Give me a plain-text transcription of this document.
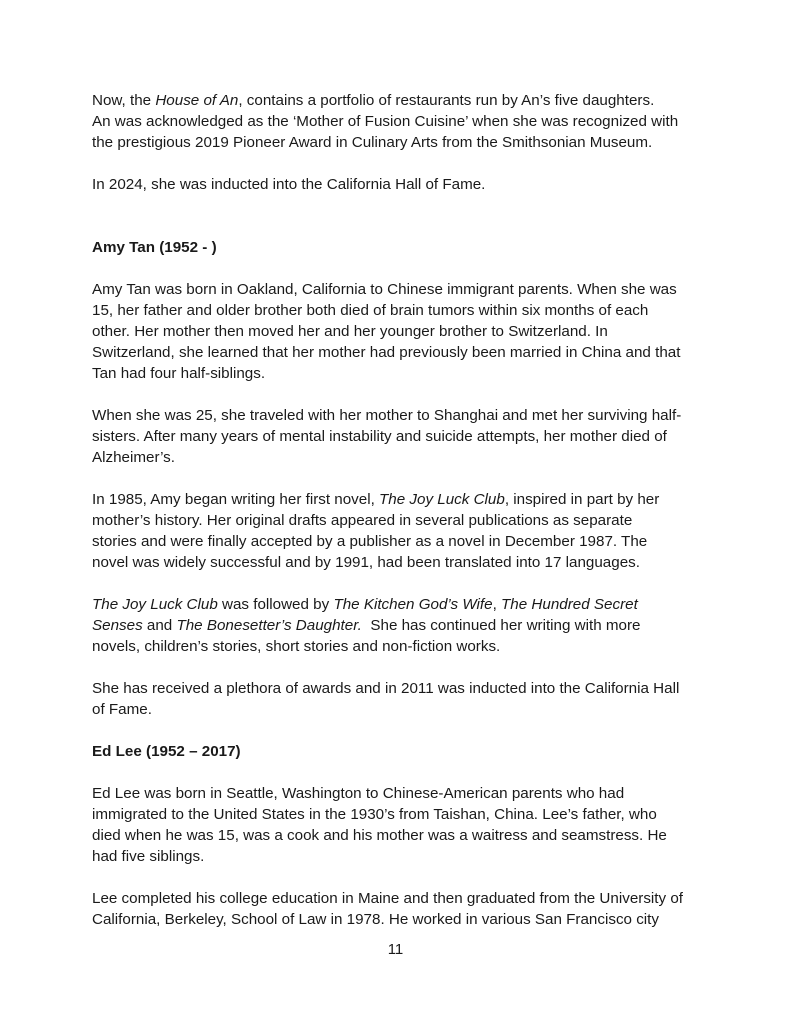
Now, the House of An, contains a portfolio of restaurants run by An’s five daughters.
An was acknowledged as the ‘Mother of Fusion Cuisine’ when she was recognized with
the prestigious 2019 Pioneer Award in Culinary Arts from the Smithsonian Museum.

In 2024, she was inducted into the California Hall of Fame.

Amy Tan (1952 - )

Amy Tan was born in Oakland, California to Chinese immigrant parents. When she was
15, her father and older brother both died of brain tumors within six months of each
other. Her mother then moved her and her younger brother to Switzerland. In
Switzerland, she learned that her mother had previously been married in China and that
Tan had four half-siblings.

When she was 25, she traveled with her mother to Shanghai and met her surviving half-
sisters. After many years of mental instability and suicide attempts, her mother died of
Alzheimer’s.

In 1985, Amy began writing her first novel, The Joy Luck Club, inspired in part by her
mother’s history. Her original drafts appeared in several publications as separate
stories and were finally accepted by a publisher as a novel in December 1987. The
novel was widely successful and by 1991, had been translated into 17 languages.

The Joy Luck Club was followed by The Kitchen God’s Wife, The Hundred Secret
Senses and The Bonesetter’s Daughter.  She has continued her writing with more
novels, children’s stories, short stories and non-fiction works.

She has received a plethora of awards and in 2011 was inducted into the California Hall
of Fame.

Ed Lee (1952 – 2017)

Ed Lee was born in Seattle, Washington to Chinese-American parents who had
immigrated to the United States in the 1930’s from Taishan, China. Lee’s father, who
died when he was 15, was a cook and his mother was a waitress and seamstress. He
had five siblings.

Lee completed his college education in Maine and then graduated from the University of
California, Berkeley, School of Law in 1978. He worked in various San Francisco city

11
